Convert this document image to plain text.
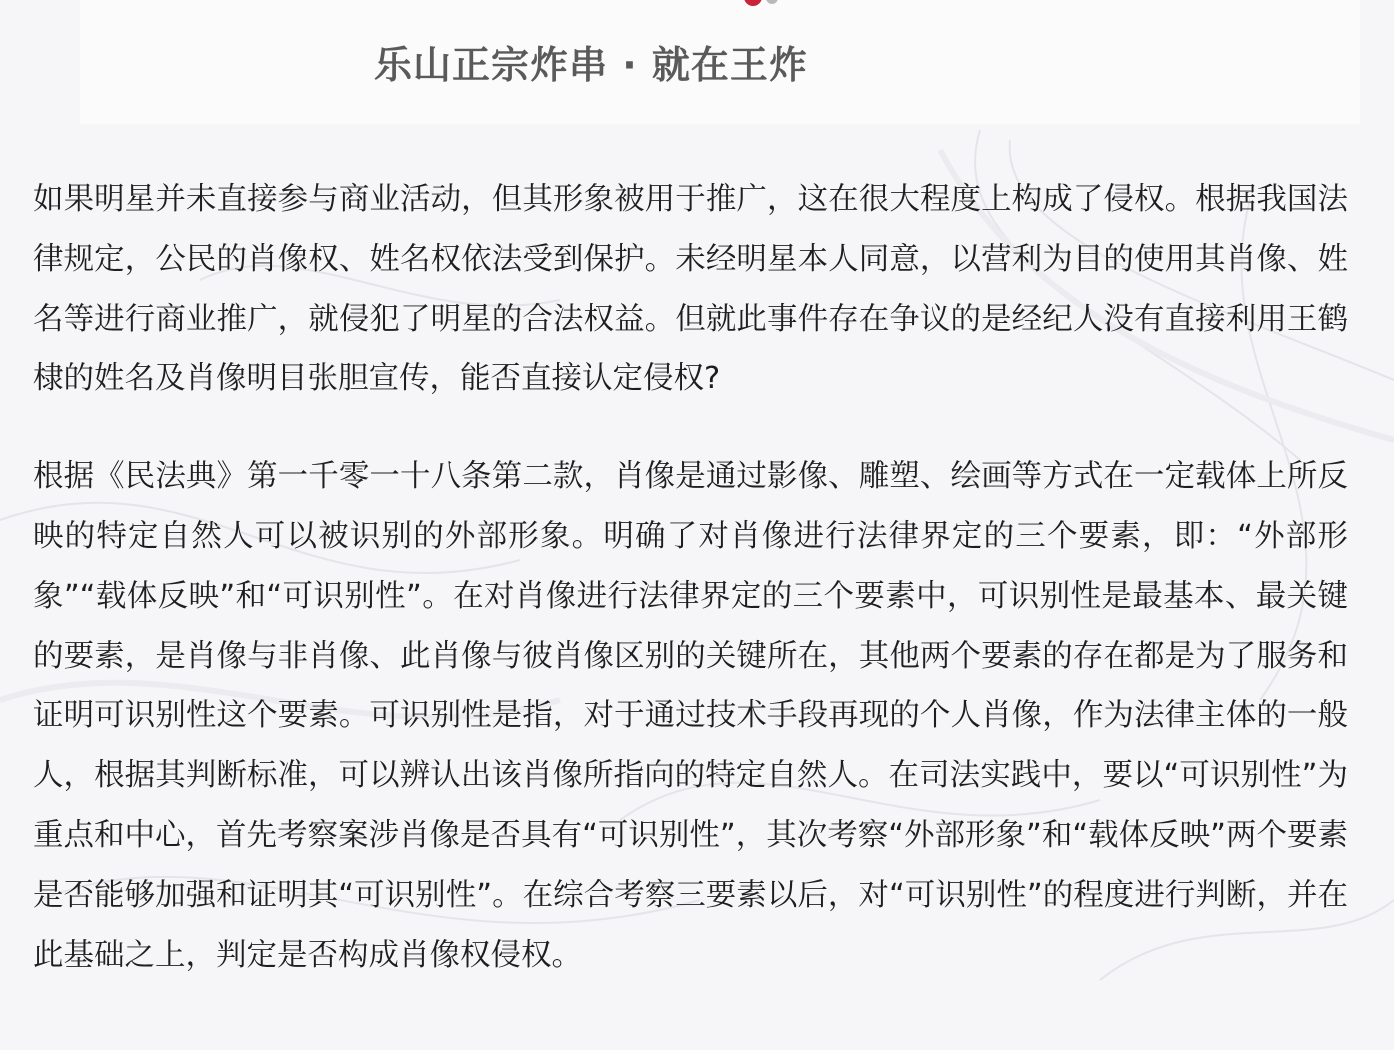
乐山正宗炸串 · 就在王炸

如果明星并未直接参与商业活动，但其形象被用于推广，这在很大程度上构成了侵权。根据我国法律规定，公民的肖像权、姓名权依法受到保护。未经明星本人同意，以营利为目的使用其肖像、姓名等进行商业推广，就侵犯了明星的合法权益。但就此事件存在争议的是经纪人没有直接利用王鹤棣的姓名及肖像明目张胆宣传，能否直接认定侵权?

根据《民法典》第一千零一十八条第二款，肖像是通过影像、雕塑、绘画等方式在一定载体上所反映的特定自然人可以被识别的外部形象。明确了对肖像进行法律界定的三个要素，即：“外部形象”“载体反映”和“可识别性”。在对肖像进行法律界定的三个要素中，可识别性是最基本、最关键的要素，是肖像与非肖像、此肖像与彼肖像区别的关键所在，其他两个要素的存在都是为了服务和证明可识别性这个要素。可识别性是指，对于通过技术手段再现的个人肖像，作为法律主体的一般人，根据其判断标准，可以辨认出该肖像所指向的特定自然人。在司法实践中，要以“可识别性”为重点和中心，首先考察案涉肖像是否具有“可识别性”，其次考察“外部形象”和“载体反映”两个要素是否能够加强和证明其“可识别性”。在综合考察三要素以后，对“可识别性”的程度进行判断，并在此基础之上，判定是否构成肖像权侵权。
